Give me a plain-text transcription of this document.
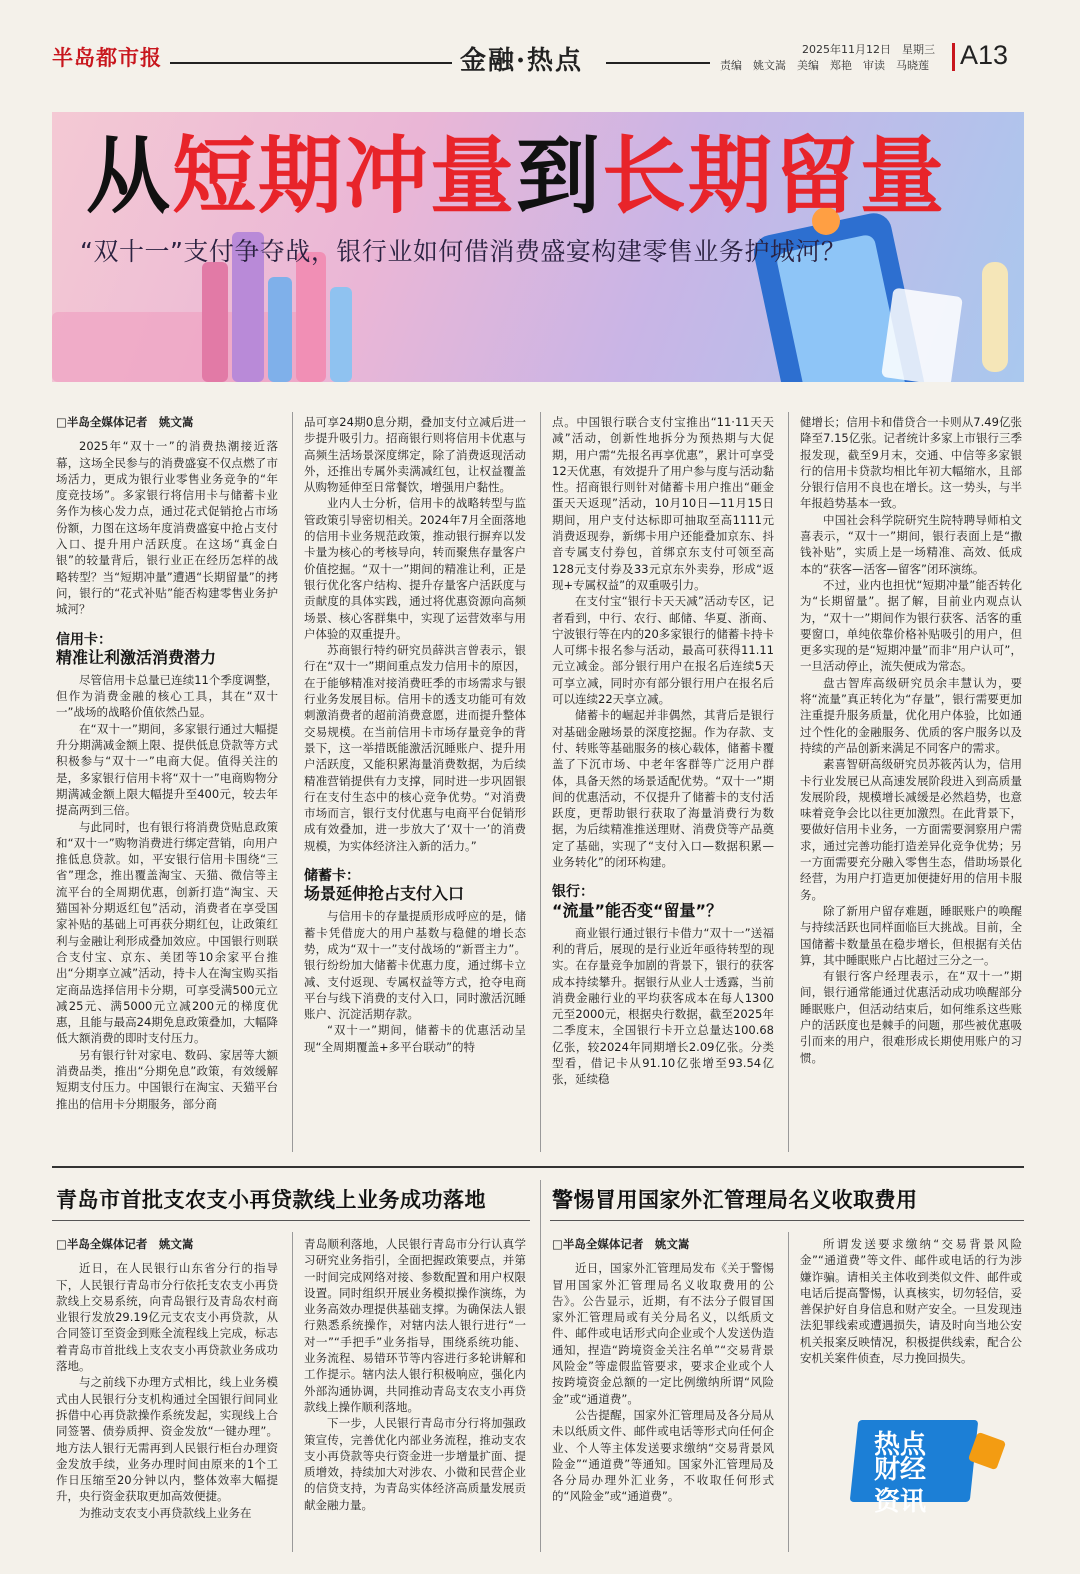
半岛都市报	金融·热点	2025年11月12日　星期三
责编　姚文嵩　美编　郑艳　审读　马晓莲 A13
从短期冲量到长期留量
“双十一”支付争夺战，银行业如何借消费盛宴构建零售业务护城河？
□半岛全媒体记者　姚文嵩

2025年“双十一”的消费热潮接近落幕，这场全民参与的消费盛宴不仅点燃了市场活力，更成为银行业零售业务竞争的“年度竞技场”。多家银行将信用卡与储蓄卡业务作为核心发力点，通过花式促销抢占市场份额，力图在这场年度消费盛宴中抢占支付入口、提升用户活跃度。在这场“真金白银”的较量背后，银行业正在经历怎样的战略转型？当“短期冲量”遭遇“长期留量”的拷问，银行的“花式补贴”能否构建零售业务护城河？

信用卡：
精准让利激活消费潜力

尽管信用卡总量已连续11个季度调整，但作为消费金融的核心工具，其在“双十一”战场的战略价值依然凸显。

在“双十一”期间，多家银行通过大幅提升分期满减金额上限、提供低息贷款等方式积极参与“双十一”电商大促。值得关注的是，多家银行信用卡将“双十一”电商购物分期满减金额上限大幅提升至400元，较去年提高两到三倍。

与此同时，也有银行将消费贷贴息政策和“双十一”购物消费进行绑定营销，向用户推低息贷款。如，平安银行信用卡围绕“三省”理念，推出覆盖淘宝、天猫、微信等主流平台的全周期优惠，创新打造“淘宝、天猫国补分期返红包”活动，消费者在享受国家补贴的基础上可再获分期红包，让政策红利与金融让利形成叠加效应。中国银行则联合支付宝、京东、美团等10余家平台推出“分期享立减”活动，持卡人在淘宝购买指定商品选择信用卡分期，可享受满500元立减25元、满5000元立减200元的梯度优惠，且能与最高24期免息政策叠加，大幅降低大额消费的即时支付压力。

另有银行针对家电、数码、家居等大额消费品类，推出“分期免息”政策，有效缓解短期支付压力。中国银行在淘宝、天猫平台推出的信用卡分期服务，部分商

品可享24期0息分期，叠加支付立减后进一步提升吸引力。招商银行则将信用卡优惠与高频生活场景深度绑定，除了消费返现活动外，还推出专属外卖满减红包，让权益覆盖从购物延伸至日常餐饮，增强用户黏性。

业内人士分析，信用卡的战略转型与监管政策引导密切相关。2024年7月全面落地的信用卡业务规范政策，推动银行摒弃以发卡量为核心的考核导向，转而聚焦存量客户价值挖掘。“双十一”期间的精准让利，正是银行优化客户结构、提升存量客户活跃度与贡献度的具体实践，通过将优惠资源向高频场景、核心客群集中，实现了运营效率与用户体验的双重提升。

苏商银行特约研究员薛洪言曾表示，银行在“双十一”期间重点发力信用卡的原因，在于能够精准对接消费旺季的市场需求与银行业务发展目标。信用卡的透支功能可有效刺激消费者的超前消费意愿，进而提升整体交易规模。在当前信用卡市场存量竞争的背景下，这一举措既能激活沉睡账户、提升用户活跃度，又能积累海量消费数据，为后续精准营销提供有力支撑，同时进一步巩固银行在支付生态中的核心竞争优势。“对消费市场而言，银行支付优惠与电商平台促销形成有效叠加，进一步放大了‘双十一’的消费规模，为实体经济注入新的活力。”

储蓄卡：
场景延伸抢占支付入口

与信用卡的存量提质形成呼应的是，储蓄卡凭借庞大的用户基数与稳健的增长态势，成为“双十一”支付战场的“新晋主力”。银行纷纷加大储蓄卡优惠力度，通过绑卡立减、支付返现、专属权益等方式，抢夺电商平台与线下消费的支付入口，同时激活沉睡账户、沉淀活期存款。

“双十一”期间，储蓄卡的优惠活动呈现“全周期覆盖+多平台联动”的特

点。中国银行联合支付宝推出“11·11天天减”活动，创新性地拆分为预热期与大促期，用户需“先报名再享优惠”，累计可享受12天优惠，有效提升了用户参与度与活动黏性。招商银行则针对储蓄卡用户推出“砸金蛋天天返现”活动，10月10日—11月15日期间，用户支付达标即可抽取至高1111元消费返现券，新绑卡用户还能叠加京东、抖音专属支付券包，首绑京东支付可领至高128元支付券及33元京东外卖券，形成“返现+专属权益”的双重吸引力。

在支付宝“银行卡天天减”活动专区，记者看到，中行、农行、邮储、华夏、浙商、宁波银行等在内的20多家银行的储蓄卡持卡人可绑卡报名参与活动，最高可获得11.11元立减金。部分银行用户在报名后连续5天可享立减，同时亦有部分银行用户在报名后可以连续22天享立减。

储蓄卡的崛起并非偶然，其背后是银行对基础金融场景的深度挖掘。作为存款、支付、转账等基础服务的核心载体，储蓄卡覆盖了下沉市场、中老年客群等广泛用户群体，具备天然的场景适配优势。“双十一”期间的优惠活动，不仅提升了储蓄卡的支付活跃度，更帮助银行获取了海量消费行为数据，为后续精准推送理财、消费贷等产品奠定了基础，实现了“支付入口—数据积累—业务转化”的闭环构建。

银行：
“流量”能否变“留量”？

商业银行通过银行卡借力“双十一”送福利的背后，展现的是行业近年亟待转型的现实。在存量竞争加剧的背景下，银行的获客成本持续攀升。据银行从业人士透露，当前消费金融行业的平均获客成本在每人1300元至2000元，根据央行数据，截至2025年二季度末，全国银行卡开立总量达100.68亿张，较2024年同期增长2.09亿张。分类型看，借记卡从91.10亿张增至93.54亿张，延续稳

健增长；信用卡和借贷合一卡则从7.49亿张降至7.15亿张。记者统计多家上市银行三季报发现，截至9月末，交通、中信等多家银行的信用卡贷款均相比年初大幅缩水，且部分银行信用不良也在增长。这一势头，与半年报趋势基本一致。

中国社会科学院研究生院特聘导师柏文喜表示，“双十一”期间，银行表面上是“撒钱补贴”，实质上是一场精准、高效、低成本的“获客—活客—留客”闭环演练。

不过，业内也担忧“短期冲量”能否转化为“长期留量”。据了解，目前业内观点认为，“双十一”期间作为银行获客、活客的重要窗口，单纯依靠价格补贴吸引的用户，但更多实现的是“短期冲量”而非“用户认可”，一旦活动停止，流失便成为常态。

盘古智库高级研究员余丰慧认为，要将“流量”真正转化为“存量”，银行需要更加注重提升服务质量，优化用户体验，比如通过个性化的金融服务、优质的客户服务以及持续的产品创新来满足不同客户的需求。

素喜智研高级研究员苏筱芮认为，信用卡行业发展已从高速发展阶段进入到高质量发展阶段，规模增长减缓是必然趋势，也意味着竞争会比以往更加激烈。在此背景下，要做好信用卡业务，一方面需要洞察用户需求，通过完善功能打造差异化竞争优势；另一方面需要充分融入零售生态，借助场景化经营，为用户打造更加便捷好用的信用卡服务。

除了新用户留存难题，睡眠账户的唤醒与持续活跃也同样面临巨大挑战。目前，全国储蓄卡数量虽在稳步增长，但根据有关估算，其中睡眠账户占比超过三分之一。

有银行客户经理表示，在“双十一”期间，银行通常能通过优惠活动成功唤醒部分睡眠账户，但活动结束后，如何维系这些账户的活跃度也是棘手的问题，那些被优惠吸引而来的用户，很难形成长期使用账户的习惯。

青岛市首批支农支小再贷款线上业务成功落地
□半岛全媒体记者　姚文嵩

近日，在人民银行山东省分行的指导下，人民银行青岛市分行依托支农支小再贷款线上交易系统，向青岛银行及青岛农村商业银行发放29.19亿元支农支小再贷款，从合同签订至资金到账全流程线上完成，标志着青岛市首批线上支农支小再贷款业务成功落地。

与之前线下办理方式相比，线上业务模式由人民银行分支机构通过全国银行间同业拆借中心再贷款操作系统发起，实现线上合同签署、债券质押、资金发放“一键办理”。地方法人银行无需再到人民银行柜台办理资金发放手续，业务办理时间由原来的1个工作日压缩至20分钟以内，整体效率大幅提升，央行资金获取更加高效便捷。

为推动支农支小再贷款线上业务在

青岛顺利落地，人民银行青岛市分行认真学习研究业务指引，全面把握政策要点，并第一时间完成网络对接、参数配置和用户权限设置。同时组织开展业务模拟操作演练，为业务高效办理提供基础支撑。为确保法人银行熟悉系统操作，对辖内法人银行进行“一对一”“手把手”业务指导，围绕系统功能、业务流程、易错环节等内容进行多轮讲解和工作提示。辖内法人银行积极响应，强化内外部沟通协调，共同推动青岛支农支小再贷款线上操作顺利落地。

下一步，人民银行青岛市分行将加强政策宣传，完善优化内部业务流程，推动支农支小再贷款等央行资金进一步增量扩面、提质增效，持续加大对涉农、小微和民营企业的信贷支持，为青岛实体经济高质量发展贡献金融力量。

警惕冒用国家外汇管理局名义收取费用
□半岛全媒体记者　姚文嵩

近日，国家外汇管理局发布《关于警惕冒用国家外汇管理局名义收取费用的公告》。公告显示，近期，有不法分子假冒国家外汇管理局或有关分局名义，以纸质文件、邮件或电话形式向企业或个人发送伪造通知，捏造“跨境资金关注名单”“交易背景风险金”等虚假监管要求，要求企业或个人按跨境资金总额的一定比例缴纳所谓“风险金”或“通道费”。

公告提醒，国家外汇管理局及各分局从未以纸质文件、邮件或电话等形式向任何企业、个人等主体发送要求缴纳“交易背景风险金”“通道费”等通知。国家外汇管理局及各分局办理外汇业务，不收取任何形式的“风险金”或“通道费”。

所谓发送要求缴纳“交易背景风险金”“通道费”等文件、邮件或电话的行为涉嫌诈骗。请相关主体收到类似文件、邮件或电话后提高警惕，认真核实，切勿轻信，妥善保护好自身信息和财产安全。一旦发现违法犯罪线索或遭遇损失，请及时向当地公安机关报案反映情况，积极提供线索，配合公安机关案件侦查，尽力挽回损失。

热点
财经
资讯
